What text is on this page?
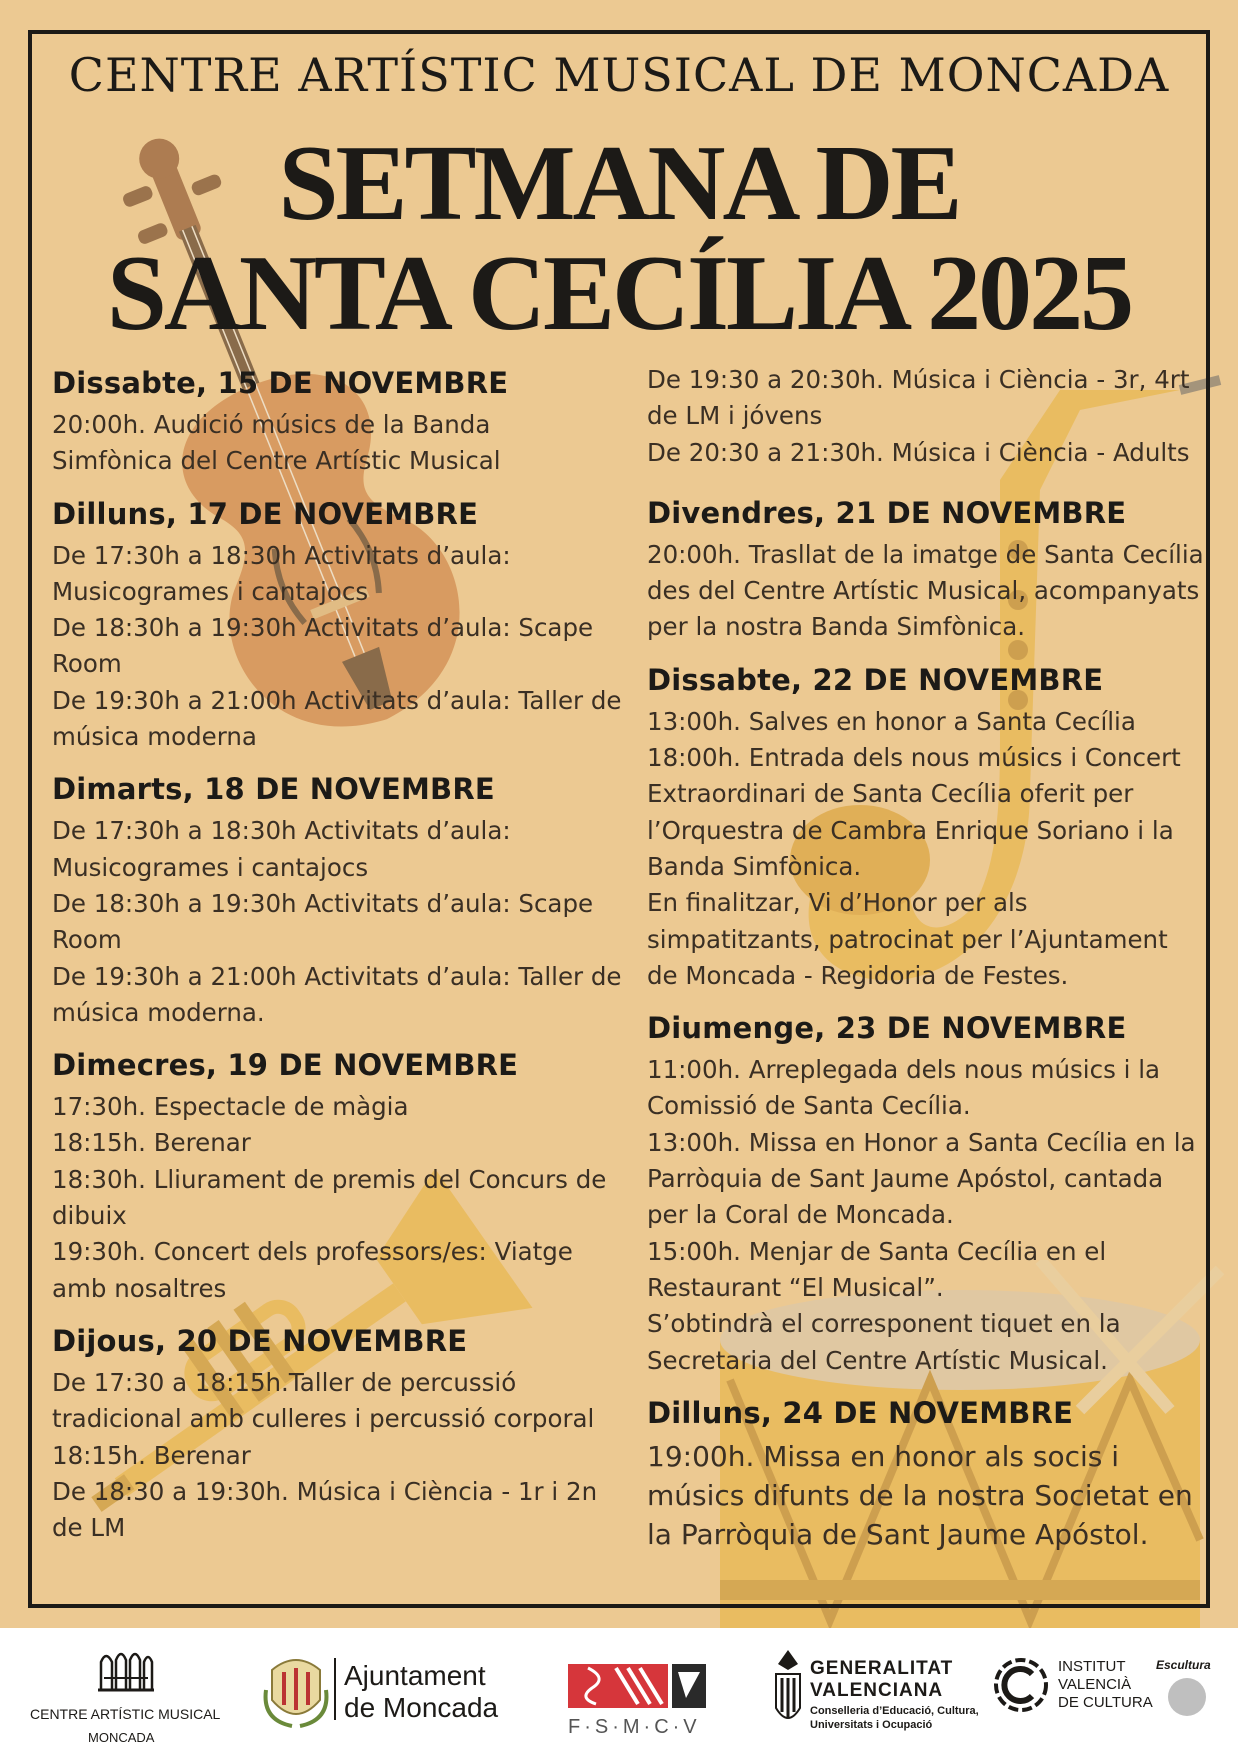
CENTRE ARTÍSTIC MUSICAL DE MONCADA
SETMANA DE
SANTA CECÍLIA 2025
Dissabte, 15 DE NOVEMBRE

20:00h. Audició músics de la Banda

Simfònica del Centre Artístic Musical

Dilluns, 17 DE NOVEMBRE

De 17:30h a 18:30h Activitats d’aula:

Musicogrames i cantajocs

De 18:30h a 19:30h Activitats d’aula: Scape

Room

De 19:30h a 21:00h Activitats d’aula: Taller de

música moderna

Dimarts, 18 DE NOVEMBRE

De 17:30h a 18:30h Activitats d’aula:

Musicogrames i cantajocs

De 18:30h a 19:30h Activitats d’aula: Scape

Room

De 19:30h a 21:00h Activitats d’aula: Taller de

música moderna.

Dimecres, 19 DE NOVEMBRE

17:30h. Espectacle de màgia

18:15h. Berenar

18:30h. Lliurament de premis del Concurs de

dibuix

19:30h. Concert dels professors/es: Viatge

amb nosaltres

Dijous, 20 DE NOVEMBRE

De 17:30 a 18:15h.Taller de percussió

tradicional amb culleres i percussió corporal

18:15h. Berenar

De 18:30 a 19:30h. Música i Ciència - 1r i 2n

de LM

De 19:30 a 20:30h. Música i Ciència - 3r, 4rt

de LM i jóvens

De 20:30 a 21:30h. Música i Ciència - Adults

Divendres, 21 DE NOVEMBRE

20:00h. Trasllat de la imatge de Santa Cecília

des del Centre Artístic Musical, acompanyats

per la nostra Banda Simfònica.

Dissabte, 22 DE NOVEMBRE

13:00h. Salves en honor a Santa Cecília

18:00h. Entrada dels nous músics i Concert

Extraordinari de Santa Cecília oferit per

l’Orquestra de Cambra Enrique Soriano i la

Banda Simfònica.

En finalitzar, Vi d’Honor per als

simpatitzants, patrocinat per l’Ajuntament

de Moncada - Regidoria de Festes.

Diumenge, 23 DE NOVEMBRE

11:00h. Arreplegada dels nous músics i la

Comissió de Santa Cecília.

13:00h. Missa en Honor a Santa Cecília en la

Parròquia de Sant Jaume Apóstol, cantada

per la Coral de Moncada.

15:00h. Menjar de Santa Cecília en el

Restaurant “El Musical”.

S’obtindrà el corresponent tiquet en la

Secretaria del Centre Artístic Musical.

Dilluns, 24 DE NOVEMBRE

19:00h. Missa en honor als socis i

músics difunts de la nostra Societat en

la Parròquia de Sant Jaume Apóstol.

CENTRE ARTÍSTIC MUSICAL
MONCADA
Ajuntament
de Moncada
F·S·M·C·V
GENERALITAT
VALENCIANA
Conselleria d’Educació, Cultura,
Universitats i Ocupació
INSTITUT
VALENCIÀ
DE CULTURA
Escultura
